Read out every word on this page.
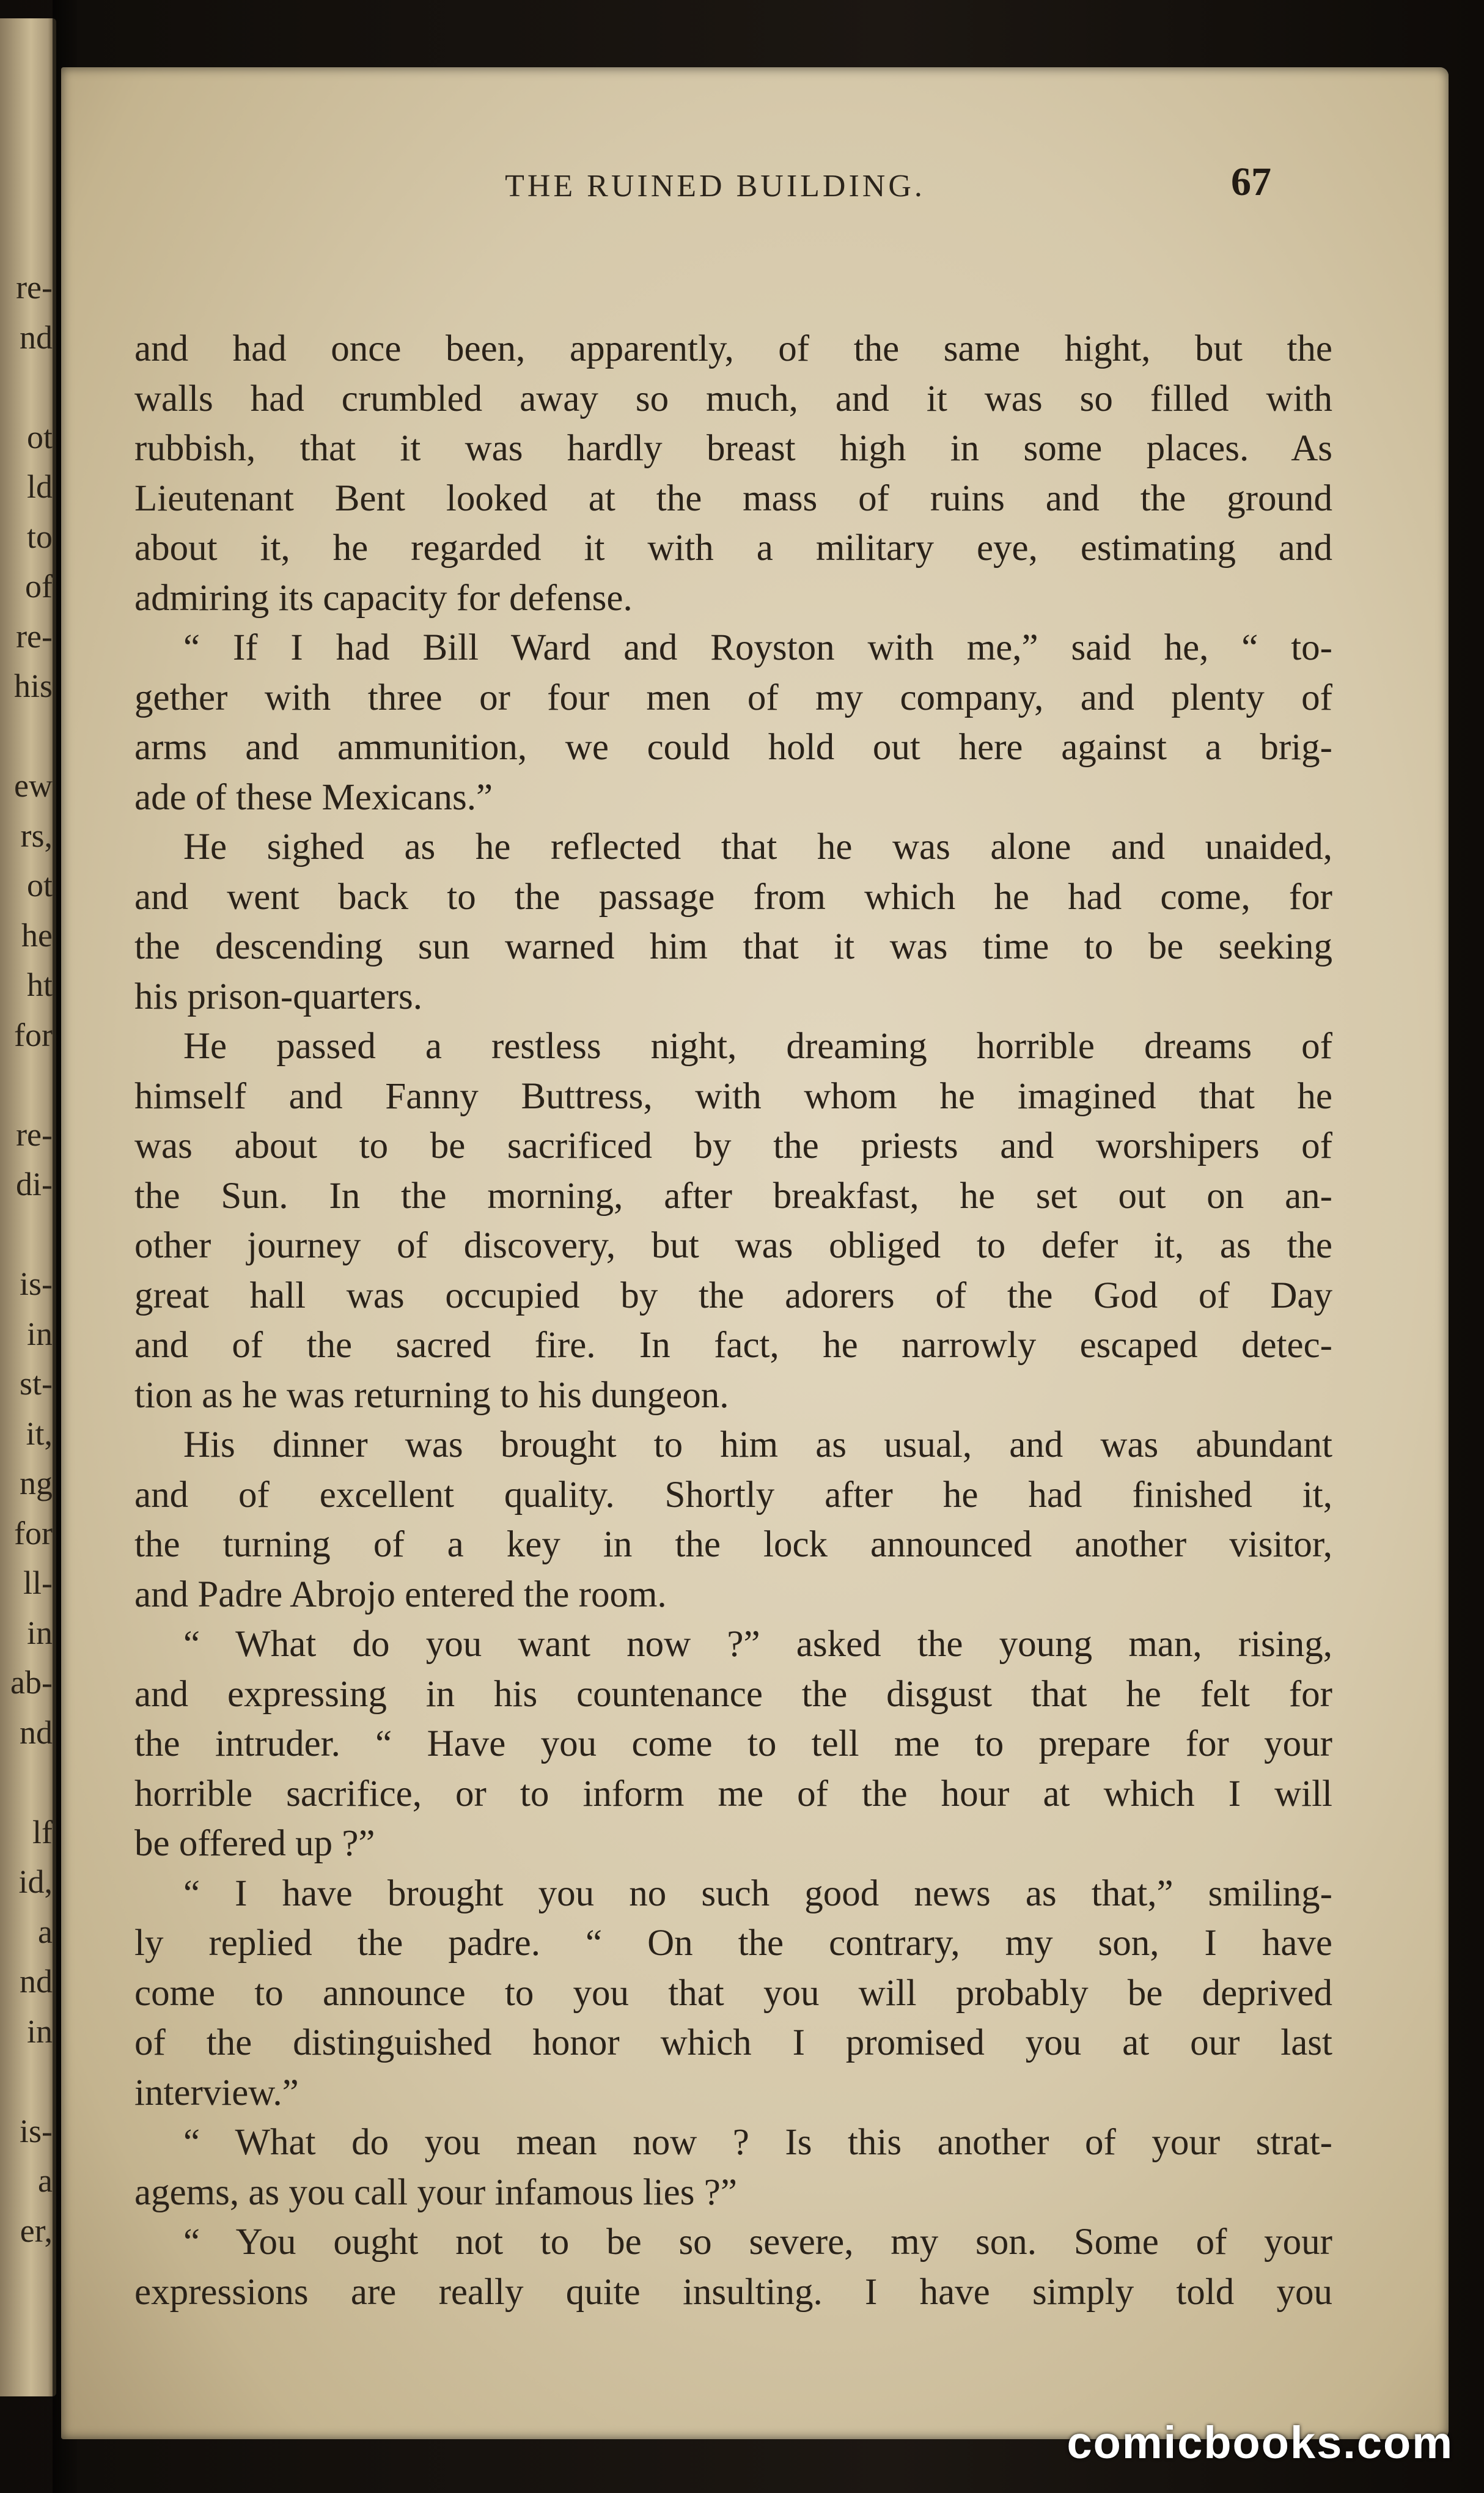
re-
nd
ot
ld
to
of
re-
his
ew
rs,
ot
he
ht
for
re-
di-
is-
in
st-
it,
ng
for
ll-
in
ab-
nd
lf
id,
a
nd
in
is-
a
er,
THE RUINED BUILDING.	67
and had once been, apparently, of the same hight, but the
walls had crumbled away so much, and it was so filled with
rubbish, that it was hardly breast high in some places. As
Lieutenant Bent looked at the mass of ruins and the ground
about it, he regarded it with a military eye, estimating and
admiring its capacity for defense.
“ If I had Bill Ward and Royston with me,” said he, “ to-
gether with three or four men of my company, and plenty of
arms and ammunition, we could hold out here against a brig-
ade of these Mexicans.”
He sighed as he reflected that he was alone and unaided,
and went back to the passage from which he had come, for
the descending sun warned him that it was time to be seeking
his prison-quarters.
He passed a restless night, dreaming horrible dreams of
himself and Fanny Buttress, with whom he imagined that he
was about to be sacrificed by the priests and worshipers of
the Sun. In the morning, after breakfast, he set out on an-
other journey of discovery, but was obliged to defer it, as the
great hall was occupied by the adorers of the God of Day
and of the sacred fire. In fact, he narrowly escaped detec-
tion as he was returning to his dungeon.
His dinner was brought to him as usual, and was abundant
and of excellent quality. Shortly after he had finished it,
the turning of a key in the lock announced another visitor,
and Padre Abrojo entered the room.
“ What do you want now ?” asked the young man, rising,
and expressing in his countenance the disgust that he felt for
the intruder. “ Have you come to tell me to prepare for your
horrible sacrifice, or to inform me of the hour at which I will
be offered up ?”
“ I have brought you no such good news as that,” smiling-
ly replied the padre. “ On the contrary, my son, I have
come to announce to you that you will probably be deprived
of the distinguished honor which I promised you at our last
interview.”
“ What do you mean now ? Is this another of your strat-
agems, as you call your infamous lies ?”
“ You ought not to be so severe, my son. Some of your
expressions are really quite insulting. I have simply told you
comicbooks.com
